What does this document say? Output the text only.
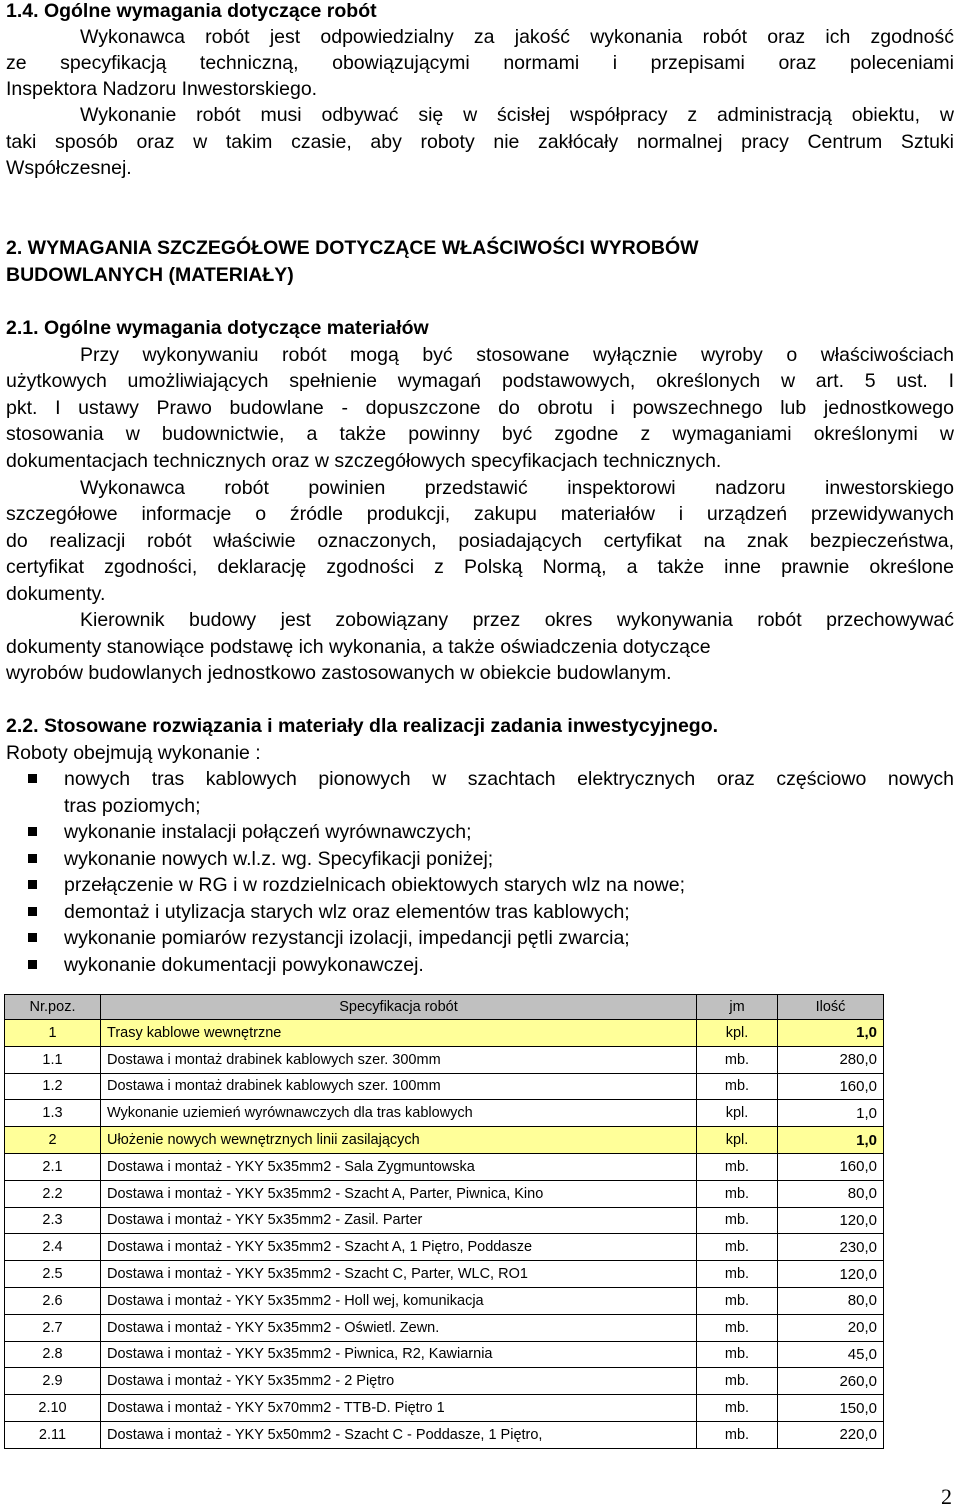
1.4. Ogólne wymagania dotyczące robót
Wykonawca robót jest odpowiedzialny za jakość wykonania robót oraz ich zgodność
ze specyfikacją techniczną, obowiązującymi normami i przepisami oraz poleceniami
Inspektora Nadzoru Inwestorskiego.
Wykonanie robót musi odbywać się w ścisłej współpracy z administracją obiektu, w
taki sposób oraz w takim czasie, aby roboty nie zakłócały normalnej pracy Centrum Sztuki
Współczesnej.
2. WYMAGANIA SZCZEGÓŁOWE DOTYCZĄCE WŁAŚCIWOŚCI WYROBÓW
BUDOWLANYCH (MATERIAŁY)
2.1. Ogólne wymagania dotyczące materiałów
Przy wykonywaniu robót mogą być stosowane wyłącznie wyroby o właściwościach
użytkowych umożliwiających spełnienie wymagań podstawowych, określonych w art. 5 ust. I
pkt. I ustawy Prawo budowlane - dopuszczone do obrotu i powszechnego lub jednostkowego
stosowania w budownictwie, a także powinny być zgodne z wymaganiami określonymi w
dokumentacjach technicznych oraz w szczegółowych specyfikacjach technicznych.
Wykonawca robót powinien przedstawić inspektorowi nadzoru inwestorskiego
szczegółowe informacje o źródle produkcji, zakupu materiałów i urządzeń przewidywanych
do realizacji robót właściwie oznaczonych, posiadających certyfikat na znak bezpieczeństwa,
certyfikat zgodności, deklarację zgodności z Polską Normą, a także inne prawnie określone
dokumenty.
Kierownik budowy jest zobowiązany przez okres wykonywania robót przechowywać
dokumenty stanowiące podstawę ich wykonania, a także oświadczenia dotyczące
wyrobów budowlanych jednostkowo zastosowanych w obiekcie budowlanym.
2.2. Stosowane rozwiązania i materiały dla realizacji zadania inwestycyjnego.
Roboty obejmują wykonanie :
nowych tras kablowych pionowych w szachtach elektrycznych oraz częściowo nowych
tras poziomych;
wykonanie instalacji połączeń wyrównawczych;
wykonanie nowych w.l.z. wg. Specyfikacji poniżej;
przełączenie w RG i w rozdzielnicach obiektowych starych wlz na nowe;
demontaż i utylizacja starych wlz oraz elementów tras kablowych;
wykonanie pomiarów rezystancji izolacji, impedancji pętli zwarcia;
wykonanie dokumentacji powykonawczej.
Nr.poz.	Specyfikacja robót	jm	Ilość
1	Trasy kablowe wewnętrzne	kpl.	1,0
1.1	Dostawa i montaż drabinek kablowych szer. 300mm	mb.	280,0
1.2	Dostawa i montaż drabinek kablowych szer. 100mm	mb.	160,0
1.3	Wykonanie uziemień wyrównawczych dla tras kablowych	kpl.	1,0
2	Ułożenie nowych wewnętrznych linii zasilających	kpl.	1,0
2.1	Dostawa i montaż - YKY 5x35mm2 - Sala Zygmuntowska	mb.	160,0
2.2	Dostawa i montaż - YKY 5x35mm2 - Szacht A, Parter, Piwnica, Kino	mb.	80,0
2.3	Dostawa i montaż - YKY 5x35mm2 - Zasil. Parter	mb.	120,0
2.4	Dostawa i montaż - YKY 5x35mm2 - Szacht A, 1 Piętro, Poddasze	mb.	230,0
2.5	Dostawa i montaż - YKY 5x35mm2 - Szacht C, Parter, WLC, RO1	mb.	120,0
2.6	Dostawa i montaż - YKY 5x35mm2 - Holl wej, komunikacja	mb.	80,0
2.7	Dostawa i montaż - YKY 5x35mm2 - Oświetl. Zewn.	mb.	20,0
2.8	Dostawa i montaż - YKY 5x35mm2 - Piwnica, R2, Kawiarnia	mb.	45,0
2.9	Dostawa i montaż - YKY 5x35mm2 - 2 Piętro	mb.	260,0
2.10	Dostawa i montaż - YKY 5x70mm2 - TTB-D. Piętro 1	mb.	150,0
2.11	Dostawa i montaż - YKY 5x50mm2 - Szacht C - Poddasze, 1 Piętro,	mb.	220,0
2
